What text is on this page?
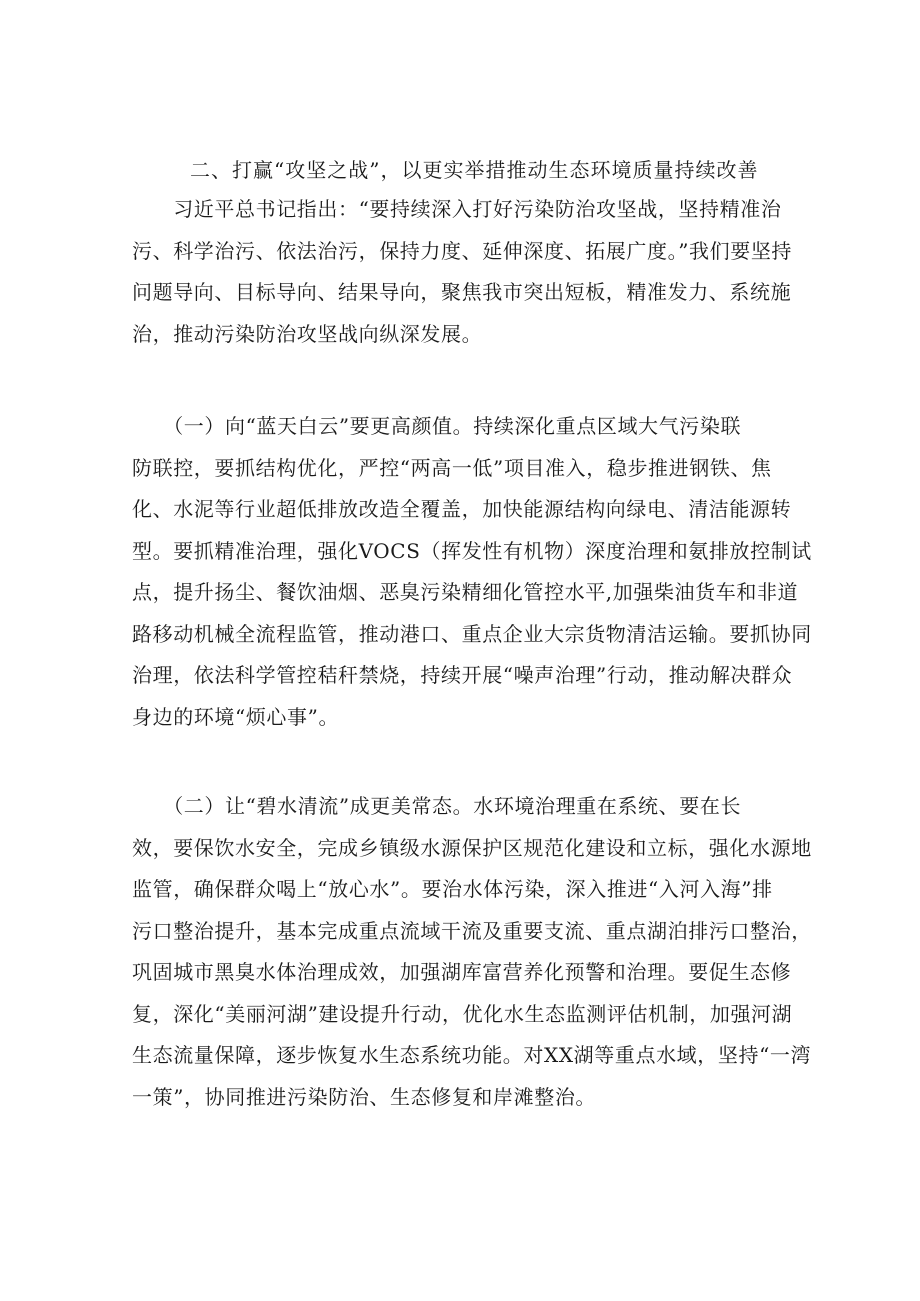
二、打赢“攻坚之战”，以更实举措推动生态环境质量持续改善

　　习近平总书记指出：“要持续深入打好污染防治攻坚战，坚持精准治
污、科学治污、依法治污，保持力度、延伸深度、拓展广度。”我们要坚持
问题导向、目标导向、结果导向，聚焦我市突出短板，精准发力、系统施
治，推动污染防治攻坚战向纵深发展。

　　（一）向“蓝天白云”要更高颜值。持续深化重点区域大气污染联
防联控，要抓结构优化，严控“两高一低”项目准入，稳步推进钢铁、焦
化、水泥等行业超低排放改造全覆盖，加快能源结构向绿电、清洁能源转
型。要抓精准治理，强化VOCS（挥发性有机物）深度治理和氨排放控制试
点，提升扬尘、餐饮油烟、恶臭污染精细化管控水平,加强柴油货车和非道
路移动机械全流程监管，推动港口、重点企业大宗货物清洁运输。要抓协同
治理，依法科学管控秸秆禁烧，持续开展“噪声治理”行动，推动解决群众
身边的环境“烦心事”。

　　（二）让“碧水清流”成更美常态。水环境治理重在系统、要在长
效，要保饮水安全，完成乡镇级水源保护区规范化建设和立标，强化水源地
监管，确保群众喝上“放心水”。要治水体污染，深入推进“入河入海”排
污口整治提升，基本完成重点流域干流及重要支流、重点湖泊排污口整治，
巩固城市黑臭水体治理成效，加强湖库富营养化预警和治理。要促生态修
复，深化“美丽河湖”建设提升行动，优化水生态监测评估机制，加强河湖
生态流量保障，逐步恢复水生态系统功能。对XX湖等重点水域，坚持“一湾
一策”，协同推进污染防治、生态修复和岸滩整治。
